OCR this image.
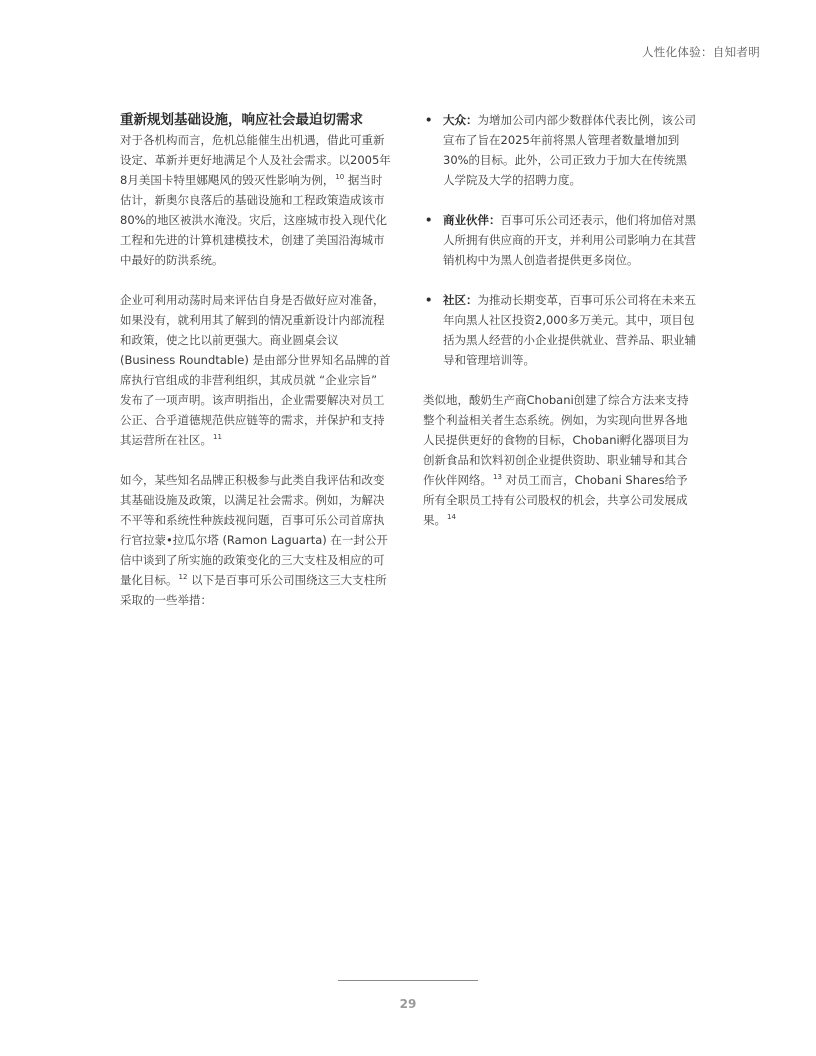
人性化体验：自知者明

重新规划基础设施，响应社会最迫切需求

对于各机构而言，危机总能催生出机遇，借此可重新设定、革新并更好地满足个人及社会需求。以2005年8月美国卡特里娜飓风的毁灭性影响为例，$^{10}$ 据当时估计，新奥尔良落后的基础设施和工程政策造成该市80%的地区被洪水淹没。灾后，这座城市投入现代化工程和先进的计算机建模技术，创建了美国沿海城市中最好的防洪系统。

企业可利用动荡时局来评估自身是否做好应对准备，如果没有，就利用其了解到的情况重新设计内部流程和政策，使之比以前更强大。商业圆桌会议 (Business Roundtable) 是由部分世界知名品牌的首席执行官组成的非营利组织，其成员就 “企业宗旨” 发布了一项声明。该声明指出，企业需要解决对员工公正、合乎道德规范供应链等的需求，并保护和支持其运营所在社区。$^{11}$

如今，某些知名品牌正积极参与此类自我评估和改变其基础设施及政策，以满足社会需求。例如，为解决不平等和系统性种族歧视问题，百事可乐公司首席执行官拉蒙•拉瓜尔塔 (Ramon Laguarta) 在一封公开信中谈到了所实施的政策变化的三大支柱及相应的可量化目标。$^{12}$ 以下是百事可乐公司围绕这三大支柱所采取的一些举措：

• 大众：为增加公司内部少数群体代表比例，该公司宣布了旨在2025年前将黑人管理者数量增加到30%的目标。此外，公司正致力于加大在传统黑人学院及大学的招聘力度。
• 商业伙伴：百事可乐公司还表示，他们将加倍对黑人所拥有供应商的开支，并利用公司影响力在其营销机构中为黑人创造者提供更多岗位。
• 社区：为推动长期变革，百事可乐公司将在未来五年向黑人社区投资2,000多万美元。其中，项目包括为黑人经营的小企业提供就业、营养品、职业辅导和管理培训等。

类似地，酸奶生产商Chobani创建了综合方法来支持整个利益相关者生态系统。例如，为实现向世界各地人民提供更好的食物的目标，Chobani孵化器项目为创新食品和饮料初创企业提供资助、职业辅导和其合作伙伴网络。$^{13}$ 对员工而言，Chobani Shares给予所有全职员工持有公司股权的机会，共享公司发展成果。$^{14}$

29
